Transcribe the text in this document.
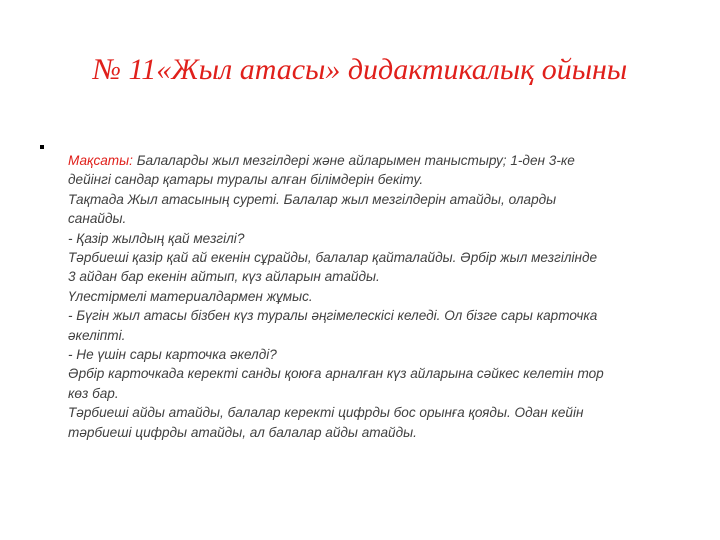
№ 11«Жыл атасы» дидактикалық ойыны
Мақсаты: Балаларды жыл мезгілдері және айларымен таныстыру; 1-ден 3-ке
дейінгі сандар қатары туралы алған білімдерін бекіту.
Тақтада Жыл атасының суреті. Балалар жыл мезгілдерін атайды, оларды
санайды.
- Қазір жылдың қай мезгілі?
Тәрбиеші қазір қай ай екенін сұрайды, балалар қайталайды. Әрбір жыл мезгілінде
3 айдан бар екенін айтып, күз айларын атайды.
Үлестірмелі материалдармен жұмыс.
- Бүгін жыл атасы бізбен күз туралы әңгімелескісі келеді. Ол бізге сары карточка
әкеліпті.
- Не үшін сары карточка әкелді?
Әрбір карточкада керекті санды қоюға арналған күз айларына сәйкес келетін тор
көз бар.
Тәрбиеші айды атайды, балалар керекті цифрды бос орынға қояды. Одан кейін
тәрбиеші цифрды атайды, ал балалар айды атайды.
